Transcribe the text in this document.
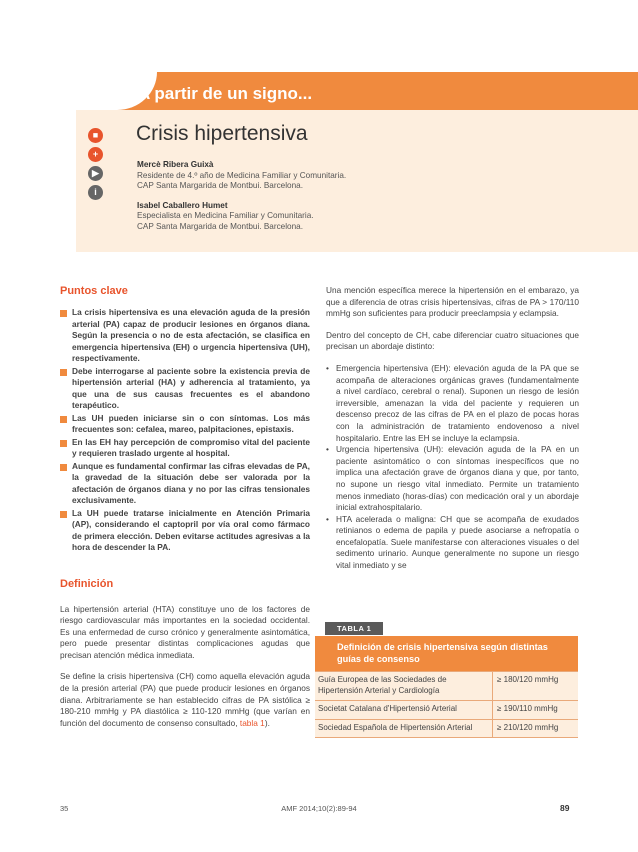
A partir de un signo...
■
+
▶
i
Crisis hipertensiva
Mercè Ribera Guixà
Residente de 4.º año de Medicina Familiar y Comunitaria.
CAP Santa Margarida de Montbui. Barcelona.
Isabel Caballero Humet
Especialista en Medicina Familiar y Comunitaria.
CAP Santa Margarida de Montbui. Barcelona.
Puntos clave
La crisis hipertensiva es una elevación aguda de la presión arterial (PA) capaz de producir lesiones en órganos diana. Según la presencia o no de esta afectación, se clasifica en emergencia hipertensiva (EH) o urgencia hipertensiva (UH), respectivamente.
Debe interrogarse al paciente sobre la existencia previa de hipertensión arterial (HA) y adherencia al tratamiento, ya que una de sus causas frecuentes es el abandono terapéutico.
Las UH pueden iniciarse sin o con síntomas. Los más frecuentes son: cefalea, mareo, palpitaciones, epistaxis.
En las EH hay percepción de compromiso vital del paciente y requieren traslado urgente al hospital.
Aunque es fundamental confirmar las cifras elevadas de PA, la gravedad de la situación debe ser valorada por la afectación de órganos diana y no por las cifras tensionales exclusivamente.
La UH puede tratarse inicialmente en Atención Primaria (AP), considerando el captopril por vía oral como fármaco de primera elección. Deben evitarse actitudes agresivas a la hora de descender la PA.
Definición

La hipertensión arterial (HTA) constituye uno de los factores de riesgo cardiovascular más importantes en la sociedad occidental. Es una enfermedad de curso crónico y generalmente asintomática, pero puede presentar distintas complicaciones agudas que precisan atención médica inmediata.

Se define la crisis hipertensiva (CH) como aquella elevación aguda de la presión arterial (PA) que puede producir lesiones en órganos diana. Arbitrariamente se han establecido cifras de PA sistólica ≥ 180-210 mmHg y PA diastólica ≥ 110-120 mmHg (que varían en función del documento de consenso consultado, tabla 1).

Una mención específica merece la hipertensión en el embarazo, ya que a diferencia de otras crisis hipertensivas, cifras de PA > 170/110 mmHg son suficientes para producir preeclampsia y eclampsia.

Dentro del concepto de CH, cabe diferenciar cuatro situaciones que precisan un abordaje distinto:

• Emergencia hipertensiva (EH): elevación aguda de la PA que se acompaña de alteraciones orgánicas graves (fundamentalmente a nivel cardíaco, cerebral o renal). Suponen un riesgo de lesión irreversible, amenazan la vida del paciente y requieren un descenso precoz de las cifras de PA en el plazo de pocas horas con la administración de tratamiento endovenoso a nivel hospitalario. Entre las EH se incluye la eclampsia.
• Urgencia hipertensiva (UH): elevación aguda de la PA en un paciente asintomático o con síntomas inespecíficos que no implica una afectación grave de órganos diana y que, por tanto, no supone un riesgo vital inmediato. Permite un tratamiento menos inmediato (horas-días) con medicación oral y un abordaje inicial extrahospitalario.
• HTA acelerada o maligna: CH que se acompaña de exudados retinianos o edema de papila y puede asociarse a nefropatía o encefalopatía. Suele manifestarse con alteraciones visuales o del sedimento urinario. Aunque generalmente no supone un riesgo vital inmediato y se
TABLA 1
Definición de crisis hipertensiva según distintas guías de consenso
Guía Europea de las Sociedades de Hipertensión Arterial y Cardiología	≥ 180/120 mmHg
Societat Catalana d'Hipertensió Arterial	≥ 190/110 mmHg
Sociedad Española de Hipertensión Arterial	≥ 210/120 mmHg
35	AMF 2014;10(2):89-94	89
